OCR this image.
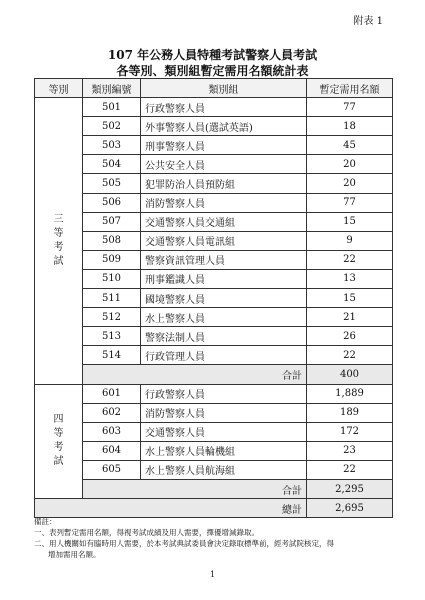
附表 1
107 年公務人員特種考試警察人員考試
各等別、類別組暫定需用名額統計表
等別	類別編號	類別組	暫定需用名額
三等考試	501	行政警察人員	77
	502	外事警察人員(選試英語)	18
	503	刑事警察人員	45
	504	公共安全人員	20
	505	犯罪防治人員預防組	20
	506	消防警察人員	77
	507	交通警察人員交通組	15
	508	交通警察人員電訊組	9
	509	警察資訊管理人員	22
	510	刑事鑑識人員	13
	511	國境警察人員	15
	512	水上警察人員	21
	513	警察法制人員	26
	514	行政管理人員	22
	合計		400
四等考試	601	行政警察人員	1,889
	602	消防警察人員	189
	603	交通警察人員	172
	604	水上警察人員輪機組	23
	605	水上警察人員航海組	22
	合計		2,295
總計			2,695
備註：
一、表列暫定需用名額，得視考試成績及用人需要，擇優增減錄取。
二、用人機關如有臨時用人需要，於本考試典試委員會決定錄取標準前，經考試院核定，得
增加需用名額。
1
